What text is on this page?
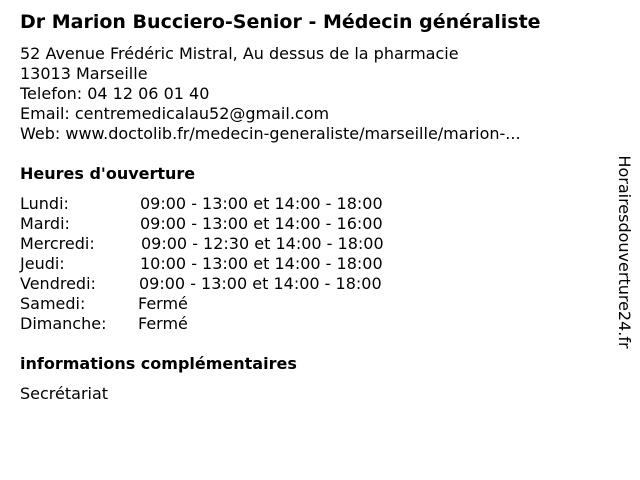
Dr Marion Bucciero-Senior - Médecin généraliste
52 Avenue Frédéric Mistral, Au dessus de la pharmacie
13013 Marseille
Telefon: 04 12 06 01 40
Email: centremedicalau52@gmail.com
Web: www.doctolib.fr/medecin-generaliste/marseille/marion-...
Heures d'ouverture
Lundi:	09:00 - 13:00 et 14:00 - 18:00
Mardi:	09:00 - 13:00 et 14:00 - 16:00
Mercredi:	09:00 - 12:30 et 14:00 - 18:00
Jeudi:	10:00 - 13:00 et 14:00 - 18:00
Vendredi:	09:00 - 13:00 et 14:00 - 18:00
Samedi:	Fermé
Dimanche: Fermé
informations complémentaires
Secrétariat
Horairesdouverture24.fr
